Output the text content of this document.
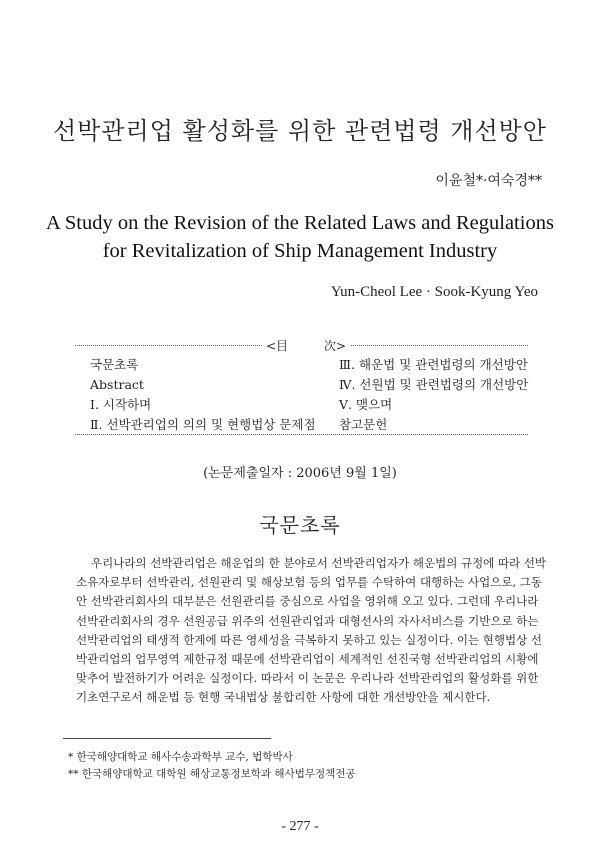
선박관리업 활성화를 위한 관련법령 개선방안
이윤철*·여숙경**
A Study on the Revision of the Related Laws and Regulations
for Revitalization of Ship Management Industry
Yun-Cheol Lee · Sook-Kyung Yeo
<目　　　次>
국문초록
Abstract
Ⅰ. 시작하며
Ⅱ. 선박관리업의 의의 및 현행법상 문제점
Ⅲ. 해운법 및 관련법령의 개선방안
Ⅳ. 선원법 및 관련법령의 개선방안
Ⅴ. 맺으며
참고문헌
(논문제출일자 : 2006년 9월 1일)
국문초록
우리나라의 선박관리업은 해운업의 한 분야로서 선박관리업자가 해운법의 규정에 따라 선박
소유자로부터 선박관리, 선원관리 및 해상보험 등의 업무를 수탁하여 대행하는 사업으로, 그동
안 선박관리회사의 대부분은 선원관리를 중심으로 사업을 영위해 오고 있다. 그런데 우리나라
선박관리회사의 경우 선원공급 위주의 선원관리업과 대형선사의 자사서비스를 기반으로 하는
선박관리업의 태생적 한계에 따른 영세성을 극복하지 못하고 있는 실정이다. 이는 현행법상 선
박관리업의 업무영역 제한규정 때문에 선박관리업이 세계적인 선진국형 선박관리업의 시황에
맞추어 발전하기가 어려운 실정이다. 따라서 이 논문은 우리나라 선박관리업의 활성화를 위한
기초연구로서 해운법 등 현행 국내법상 불합리한 사항에 대한 개선방안을 제시한다.
* 한국해양대학교 해사수송과학부 교수, 법학박사
** 한국해양대학교 대학원 해상교통정보학과 해사법무정책전공
- 277 -
